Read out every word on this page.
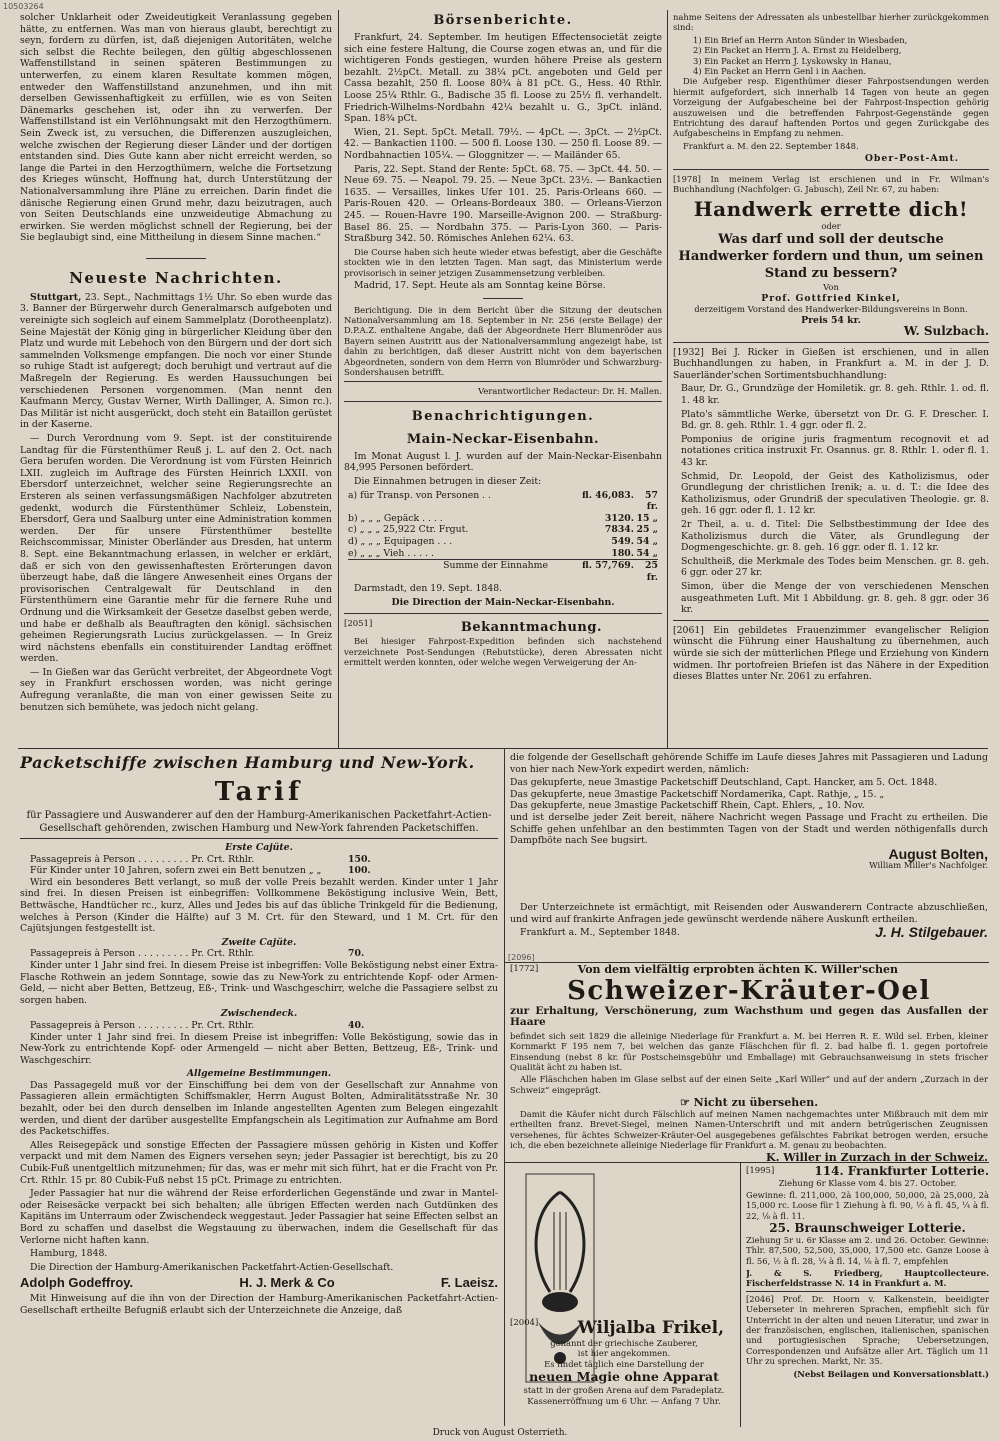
10503264

solcher Unklarheit oder Zweideutigkeit Veranlassung gegeben hätte, zu entfernen. Was man von hieraus glaubt, berechtigt zu seyn, fordern zu dürfen, ist, daß diejenigen Autoritäten, welche sich selbst die Rechte beilegen, den gültig abgeschlossenen Waffenstillstand in seinen späteren Bestimmungen zu unterwerfen, zu einem klaren Resultate kommen mögen, entweder den Waffenstillstand anzunehmen, und ihn mit derselben Gewissenhaftigkeit zu erfüllen, wie es von Seiten Dänemarks geschehen ist, oder ihn zu verwerfen. Der Waffenstillstand ist ein Verlöhnungsakt mit den Herzogthümern. Sein Zweck ist, zu versuchen, die Differenzen auszugleichen, welche zwischen der Regierung dieser Länder und der dortigen entstanden sind. Dies Gute kann aber nicht erreicht werden, so lange die Partei in den Herzogthümern, welche die Fortsetzung des Krieges wünscht, Hoffnung hat, durch Unterstützung der Nationalversammlung ihre Pläne zu erreichen. Darin findet die dänische Regierung einen Grund mehr, dazu beizutragen, auch von Seiten Deutschlands eine unzweideutige Abmachung zu erwirken. Sie werden möglichst schnell der Regierung, bei der Sie beglaubigt sind, eine Mittheilung in diesem Sinne machen.“

Neueste Nachrichten.

Stuttgart, 23. Sept., Nachmittags 1½ Uhr. So eben wurde das 3. Banner der Bürgerwehr durch Generalmarsch aufgeboten und vereinigte sich sogleich auf einem Sammelplatz (Dorotheenplatz). Seine Majestät der König ging in bürgerlicher Kleidung über den Platz und wurde mit Lebehoch von den Bürgern und der dort sich sammelnden Volksmenge empfangen. Die noch vor einer Stunde so ruhige Stadt ist aufgeregt; doch beruhigt und vertraut auf die Maßregeln der Regierung. Es werden Haussuchungen bei verschiedenen Personen vorgenommen. (Man nennt den Kaufmann Mercy, Gustav Werner, Wirth Dallinger, A. Simon rc.). Das Militär ist nicht ausgerückt, doch steht ein Bataillon gerüstet in der Kaserne.

— Durch Verordnung vom 9. Sept. ist der constituirende Landtag für die Fürstenthümer Reuß j. L. auf den 2. Oct. nach Gera berufen worden. Die Verordnung ist vom Fürsten Heinrich LXII. zugleich im Auftrage des Fürsten Heinrich LXXII. von Ebersdorf unterzeichnet, welcher seine Regierungsrechte an Ersteren als seinen verfassungsmäßigen Nachfolger abzutreten gedenkt, wodurch die Fürstenthümer Schleiz, Lobenstein, Ebersdorf, Gera und Saalburg unter eine Administration kommen werden. Der für unsere Fürstenthümer bestellte Reichscommissar, Minister Oberländer aus Dresden, hat unterm 8. Sept. eine Bekanntmachung erlassen, in welcher er erklärt, daß er sich von den gewissenhaftesten Erörterungen davon überzeugt habe, daß die längere Anwesenheit eines Organs der provisorischen Centralgewalt für Deutschland in den Fürstenthümern eine Garantie mehr für die fernere Ruhe und Ordnung und die Wirksamkeit der Gesetze daselbst geben werde, und habe er deßhalb als Beauftragten den königl. sächsischen geheimen Regierungsrath Lucius zurückgelassen. — In Greiz wird nächstens ebenfalls ein constituirender Landtag eröffnet werden.

— In Gießen war das Gerücht verbreitet, der Abgeordnete Vogt sey in Frankfurt erschossen worden, was nicht geringe Aufregung veranlaßte, die man von einer gewissen Seite zu benutzen sich bemühete, was jedoch nicht gelang.

Börsenberichte.

Frankfurt, 24. September. Im heutigen Effectensocietät zeigte sich eine festere Haltung, die Course zogen etwas an, und für die wichtigeren Fonds gestiegen, wurden höhere Preise als gestern bezahlt. 2½pCt. Metall. zu 38¼ pCt. angeboten und Geld per Cassa bezahlt, 250 fl. Loose 80¾ à 81 pCt. G., Hess. 40 Rthlr. Loose 25¼ Rthlr. G., Badische 35 fl. Loose zu 25½ fl. verhandelt. Friedrich-Wilhelms-Nordbahn 42¼ bezahlt u. G., 3pCt. inländ. Span. 18¾ pCt.

Wien, 21. Sept. 5pCt. Metall. 79½. — 4pCt. —. 3pCt. — 2½pCt. 42. — Bankactien 1100. — 500 fl. Loose 130. — 250 fl. Loose 89. — Nordbahnactien 105¼. — Gloggnitzer —. — Mailänder 65.

Paris, 22. Sept. Stand der Rente: 5pCt. 68. 75. — 3pCt. 44. 50. — Neue 69. 75. — Neapol. 79. 25. — Neue 3pCt. 23½. — Bankactien 1635. — Versailles, linkes Ufer 101. 25. Paris-Orleans 660. — Paris-Rouen 420. — Orleans-Bordeaux 380. — Orleans-Vierzon 245. — Rouen-Havre 190. Marseille-Avignon 200. — Straßburg-Basel 86. 25. — Nordbahn 375. — Paris-Lyon 360. — Paris-Straßburg 342. 50. Römisches Anlehen 62¼. 63.

Die Course haben sich heute wieder etwas befestigt, aber die Geschäfte stockten wie in den letzten Tagen. Man sagt, das Ministerium werde provisorisch in seiner jetzigen Zusammensetzung verbleiben.

Madrid, 17. Sept. Heute als am Sonntag keine Börse.

Berichtigung. Die in dem Bericht über die Sitzung der deutschen Nationalversammlung am 18. September in Nr. 256 (erste Beilage) der D.P.A.Z. enthaltene Angabe, daß der Abgeordnete Herr Blumenröder aus Bayern seinen Austritt aus der Nationalversammlung angezeigt habe, ist dahin zu berichtigen, daß dieser Austritt nicht von dem bayerischen Abgeordneten, sondern von dem Herrn von Blumröder und Schwarzburg-Sondershausen betrifft.

Verantwortlicher Redacteur: Dr. H. Mallen.
Benachrichtigungen.
Main-Neckar-Eisenbahn.

Im Monat August l. J. wurden auf der Main-Neckar-Eisenbahn 84,995 Personen befördert.

Die Einnahmen betrugen in dieser Zeit:

a) für Transp. von Personen . .	fl. 46,083.	57 fr.
b) „ „ „ Gepäck . . . .	3120. 15 „
c) „ „ „ 25,922 Ctr. Frgut.	7834. 25 „
d) „ „ „ Equipagen . . .	549. 54 „
e) „ „ „ Vieh . . . . .	180. 54 „
Summe der Einnahme	fl. 57,769.	25 fr.

Darmstadt, den 19. Sept. 1848.

Die Direction der Main-Neckar-Eisenbahn.
[2051]	Bekanntmachung.

Bei hiesiger Fahrpost-Expedition befinden sich nachstehend verzeichnete Post-Sendungen (Rebutstücke), deren Abressaten nicht ermittelt werden konnten, oder welche wegen Verweigerung der An-

nahme Seitens der Adressaten als unbestellbar hierher zurückgekommen sind:

1) Ein Brief an Herrn Anton Sünder in Wiesbaden,
2) Ein Packet an Herrn J. A. Ernst zu Heidelberg,
3) Ein Packet an Herrn J. Lyskowsky in Hanau,
4) Ein Packet an Herrn Genl i in Aachen.

Die Aufgeber resp. Eigenthümer dieser Fahrpostsendungen werden hiermit aufgefordert, sich innerhalb 14 Tagen von heute an gegen Vorzeigung der Aufgabescheine bei der Fahrpost-Inspection gehörig auszuweisen und die betreffenden Fahrpost-Gegenstände gegen Entrichtung des darauf haftenden Portos und gegen Zurückgabe des Aufgabescheins in Empfang zu nehmen.

Frankfurt a. M. den 22. September 1848.

Ober-Post-Amt.

[1978] In meinem Verlag ist erschienen und in Fr. Wilman's Buchhandlung (Nachfolger: G. Jabusch), Zeil Nr. 67, zu haben:

Handwerk errette dich!
oder
Was darf und soll der deutsche Handwerker fordern und thun, um seinen Stand zu bessern?
Von
Prof. Gottfried Kinkel,
derzeitigem Vorstand des Handwerker-Bildungsvereins in Bonn.
Preis 54 kr.
W. Sulzbach.

[1932] Bei J. Ricker in Gießen ist erschienen, und in allen Buchhandlungen zu haben, in Frankfurt a. M. in der J. D. Sauerländer'schen Sortimentsbuchhandlung:

Baur, Dr. G., Grundzüge der Homiletik. gr. 8. geh. Rthlr. 1. od. fl. 1. 48 kr.

Plato's sämmtliche Werke, übersetzt von Dr. G. F. Drescher. I. Bd. gr. 8. geh. Rthlr. 1. 4 ggr. oder fl. 2.

Pomponius de origine juris fragmentum recognovit et ad notationes critica instruxit Fr. Osannus. gr. 8. Rthlr. 1. oder fl. 1. 43 kr.

Schmid, Dr. Leopold, der Geist des Katholizismus, oder Grundlegung der christlichen Irenik; a. u. d. T.: die Idee des Katholizismus, oder Grundriß der speculativen Theologie. gr. 8. geh. 16 ggr. oder fl. 1. 12 kr.

2r Theil, a. u. d. Titel: Die Selbstbestimmung der Idee des Katholizismus durch die Väter, als Grundlegung der Dogmengeschichte. gr. 8. geh. 16 ggr. oder fl. 1. 12 kr.

Schultheiß, die Merkmale des Todes beim Menschen. gr. 8. geh. 6 ggr. oder 27 kr.

Simon, über die Menge der von verschiedenen Menschen ausgeathmeten Luft. Mit 1 Abbildung. gr. 8. geh. 8 ggr. oder 36 kr.

[2061] Ein gebildetes Frauenzimmer evangelischer Religion wünscht die Führung einer Haushaltung zu übernehmen, auch würde sie sich der mütterlichen Pflege und Erziehung von Kindern widmen. Ihr portofreien Briefen ist das Nähere in der Expedition dieses Blattes unter Nr. 2061 zu erfahren.

Packetschiffe zwischen Hamburg und New-York.
Tarif

für Passagiere und Auswanderer auf den der Hamburg-Amerikanischen Packetfahrt-Actien-Gesellschaft gehörenden, zwischen Hamburg und New-York fahrenden Packetschiffen.

Erste Cajüte.
Passagepreis à Person . . . . . . . . . Pr. Crt. Rthlr.	150.
Für Kinder unter 10 Jahren, sofern zwei ein Bett benutzen „ „	100.

Wird ein besonderes Bett verlangt, so muß der volle Preis bezahlt werden. Kinder unter 1 Jahr sind frei. In diesen Preisen ist einbegriffen: Vollkommene Beköstigung inclusive Wein, Bett, Bettwäsche, Handtücher rc., kurz, Alles und Jedes bis auf das übliche Trinkgeld für die Bedienung, welches à Person (Kinder die Hälfte) auf 3 M. Crt. für den Steward, und 1 M. Crt. für den Cajütsjungen festgestellt ist.

Zweite Cajüte.
Passagepreis à Person . . . . . . . . . Pr. Crt. Rthlr.	70.

Kinder unter 1 Jahr sind frei. In diesem Preise ist inbegriffen: Volle Beköstigung nebst einer Extra-Flasche Rothwein an jedem Sonntage, sowie das zu New-York zu entrichtende Kopf- oder Armen-Geld, — nicht aber Betten, Bettzeug, Eß-, Trink- und Waschgeschirr, welche die Passagiere selbst zu sorgen haben.

Zwischendeck.
Passagepreis à Person . . . . . . . . . Pr. Crt. Rthlr.	40.

Kinder unter 1 Jahr sind frei. In diesem Preise ist inbegriffen: Volle Beköstigung, sowie das in New-York zu entrichtende Kopf- oder Armengeld — nicht aber Betten, Bettzeug, Eß-, Trink- und Waschgeschirr.

Allgemeine Bestimmungen.

Das Passagegeld muß vor der Einschiffung bei dem von der Gesellschaft zur Annahme von Passagieren allein ermächtigten Schiffsmakler, Herrn August Bolten, Admiralitätsstraße Nr. 30 bezahlt, oder bei den durch denselben im Inlande angestellten Agenten zum Belegen eingezahlt werden, und dient der darüber ausgestellte Empfangschein als Legitimation zur Aufnahme am Bord des Packetschiffes.

Alles Reisegepäck und sonstige Effecten der Passagiere müssen gehörig in Kisten und Koffer verpackt und mit dem Namen des Eigners versehen seyn; jeder Passagier ist berechtigt, bis zu 20 Cubik-Fuß unentgeltlich mitzunehmen; für das, was er mehr mit sich führt, hat er die Fracht von Pr. Crt. Rthlr. 15 pr. 80 Cubik-Fuß nebst 15 pCt. Primage zu entrichten.

Jeder Passagier hat nur die während der Reise erforderlichen Gegenstände und zwar in Mantel- oder Reisesäcke verpackt bei sich behalten; alle übrigen Effecten werden nach Gutdünken des Kapitäns im Unterraum oder Zwischendeck weggestaut. Jeder Passagier hat seine Effecten selbst an Bord zu schaffen und daselbst die Wegstauung zu überwachen, indem die Gesellschaft für das Verlorne nicht haften kann.

Hamburg, 1848.

Die Direction der Hamburg-Amerikanischen Packetfahrt-Actien-Gesellschaft.

Adolph Godeffroy.	H. J. Merk & Co	F. Laeisz.

Mit Hinweisung auf die ihn von der Direction der Hamburg-Amerikanischen Packetfahrt-Actien-Gesellschaft ertheilte Befugniß erlaubt sich der Unterzeichnete die Anzeige, daß

die folgende der Gesellschaft gehörende Schiffe im Laufe dieses Jahres mit Passagieren und Ladung von hier nach New-York expedirt werden, nämlich:

Das gekupferte, neue 3mastige Packetschiff Deutschland, Capt. Hancker, am 5. Oct. 1848.
Das gekupferte, neue 3mastige Packetschiff Nordamerika, Capt. Rathje, „ 15. „
Das gekupferte, neue 3mastige Packetschiff Rhein, Capt. Ehlers, „ 10. Nov.

und ist derselbe jeder Zeit bereit, nähere Nachricht wegen Passage und Fracht zu ertheilen. Die Schiffe gehen unfehlbar an den bestimmten Tagen von der Stadt und werden nöthigenfalls durch Dampfböte nach See bugsirt.

August Bolten,
William Miller's Nachfolger.

Der Unterzeichnete ist ermächtigt, mit Reisenden oder Auswanderern Contracte abzuschließen, und wird auf frankirte Anfragen jede gewünscht werdende nähere Auskunft ertheilen.

Frankfurt a. M., September 1848.	J. H. Stilgebauer.
[1772]	Von dem vielfältig erprobten ächten K. Willer'schen
Schweizer-Kräuter-Oel

zur Erhaltung, Verschönerung, zum Wachsthum und gegen das Ausfallen der Haare

befindet sich seit 1829 die alleinige Niederlage für Frankfurt a. M. bei Herren R. E. Wild sel. Erben, kleiner Kornmarkt F 195 nem 7, bei welchen das ganze Fläschchen für fl. 2. bad halbe fl. 1. gegen portofreie Einsendung (nebst 8 kr. für Postscheinsgebühr und Emballage) mit Gebrauchsanweisung in stets frischer Qualität ächt zu haben ist.

Alle Fläschchen haben im Glase selbst auf der einen Seite „Karl Willer“ und auf der andern „Zurzach in der Schweiz“ eingeprägt.

☞ Nicht zu übersehen.

Damit die Käufer nicht durch Fälschlich auf meinen Namen nachgemachtes unter Mißbrauch mit dem mir ertheilten franz. Brevet-Siegel, meinen Namen-Unterschrift und mit andern betrügerischen Zeugnissen versehenes, für ächtes Schweizer-Kräuter-Oel ausgegebenes gefälschtes Fabrikat betrogen werden, ersuche ich, die eben bezeichnete alleinige Niederlage für Frankfurt a. M. genau zu beobachten.

K. Willer in Zurzach in der Schweiz.
[2096]
[2004] Wiljalba Frikel,
genannt der griechische Zauberer,
ist hier angekommen.
Es findet täglich eine Darstellung der
neuen Magie ohne Apparat
statt in der großen Arena auf dem Paradeplatz.
Kassenerröffnung um 6 Uhr. — Anfang 7 Uhr.
[1995]	114. Frankfurter Lotterie.

Ziehung 6r Klasse vom 4. bis 27. October.

Gewinne: fl. 211,000, 2à 100,000, 50,000, 2à 25,000, 2à 15,000 rc. Loose für 1 Ziehung à fl. 90, ½ à fl. 45, ¼ à fl. 22, ⅛ à fl. 11.

25. Braunschweiger Lotterie.

Ziehung 5r u. 6r Klasse am 2. und 26. October. Gewinne: Thlr. 87,500, 52,500, 35,000, 17,500 etc. Ganze Loose à fl. 56, ½ à fl. 28, ¼ à fl. 14, ⅛ à fl. 7, empfehlen

J. & S. Friedberg, Hauptcollecteure. Fischerfeldstrasse N. 14 in Frankfurt a. M.

[2046] Prof. Dr. Hoorn v. Kalkenstein, beeidigter Ueberseter in mehreren Sprachen, empfiehlt sich für Unterricht in der alten und neuen Literatur, und zwar in der französischen, englischen, italienischen, spanischen und portugiesischen Sprache; Uebersetzungen, Correspondenzen und Aufsätze aller Art. Täglich um 11 Uhr zu sprechen. Markt, Nr. 35.

(Nebst Beilagen und Konversationsblatt.)
Druck von August Osterrieth.
